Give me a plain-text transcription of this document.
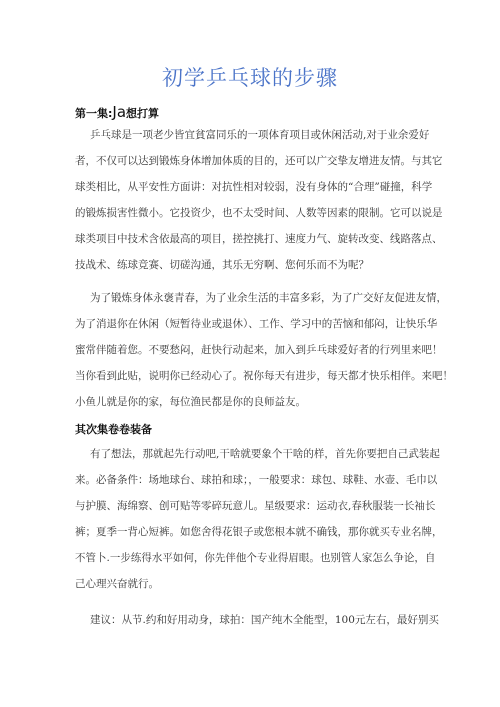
初学乒乓球的步骤
第一集:Ja想打算
乒乓球是一项老少皆宜貧富同乐的一项体育项目或休闲活动,对于业余爱好
者，不仅可以达到锻炼身体增加体质的目的，还可以广交挚友增进友情。与其它
球类相比，从平安性方面讲：对抗性相对较弱，没有身体的“合理”碰撞，科学
的锻炼损害性微小。它投资少，也不太受时间、人数等因素的限制。它可以说是
球类项目中技术含依最高的项目，搓控挑打、速度力气、旋转改变、线路落点、
技战术、练球竞赛、切磋沟通，其乐无穷啊、您何乐而不为呢？
为了锻炼身体永褒青春，为了业余生活的丰富多彩，为了广交好友促进友情，
为了消退你在休闲（短暂待业或退休）、工作、学习中的苦恼和郁闷，让快乐华
蜜常伴随着您。不要愁闷，赶快行动起来，加入到乒乓球爱好者的行列里来吧！
当你看到此贴，说明你已经动心了。祝你每天有进步，每天都才快乐相伴。来吧！
小鱼儿就是你的家，每位渔民都是你的良师益友。
其次集卷卷装备
有了想法，那就起先行动吧,干啥就要象个干啥的样，首先你要把自己武装起
来。必备条件：场地球台、球拍和球；，一般要求：球包、球鞋、水壶、毛巾以
与护膜、海绵察、创可贴等零碎玩意儿。星级要求：运动衣,春秋服装一长袖长
裤；夏季一背心短裤。如您舍得花银子或您根本就不确钱，那你就买专业名牌，
不管卜.一步练得水平如何，你先伴他个专业得眉眼。也别管人家怎么争论，自
己心理兴奋就行。
建议：从节.约和好用动身，球拍：国产纯木全能型，100元左右，最好别买
